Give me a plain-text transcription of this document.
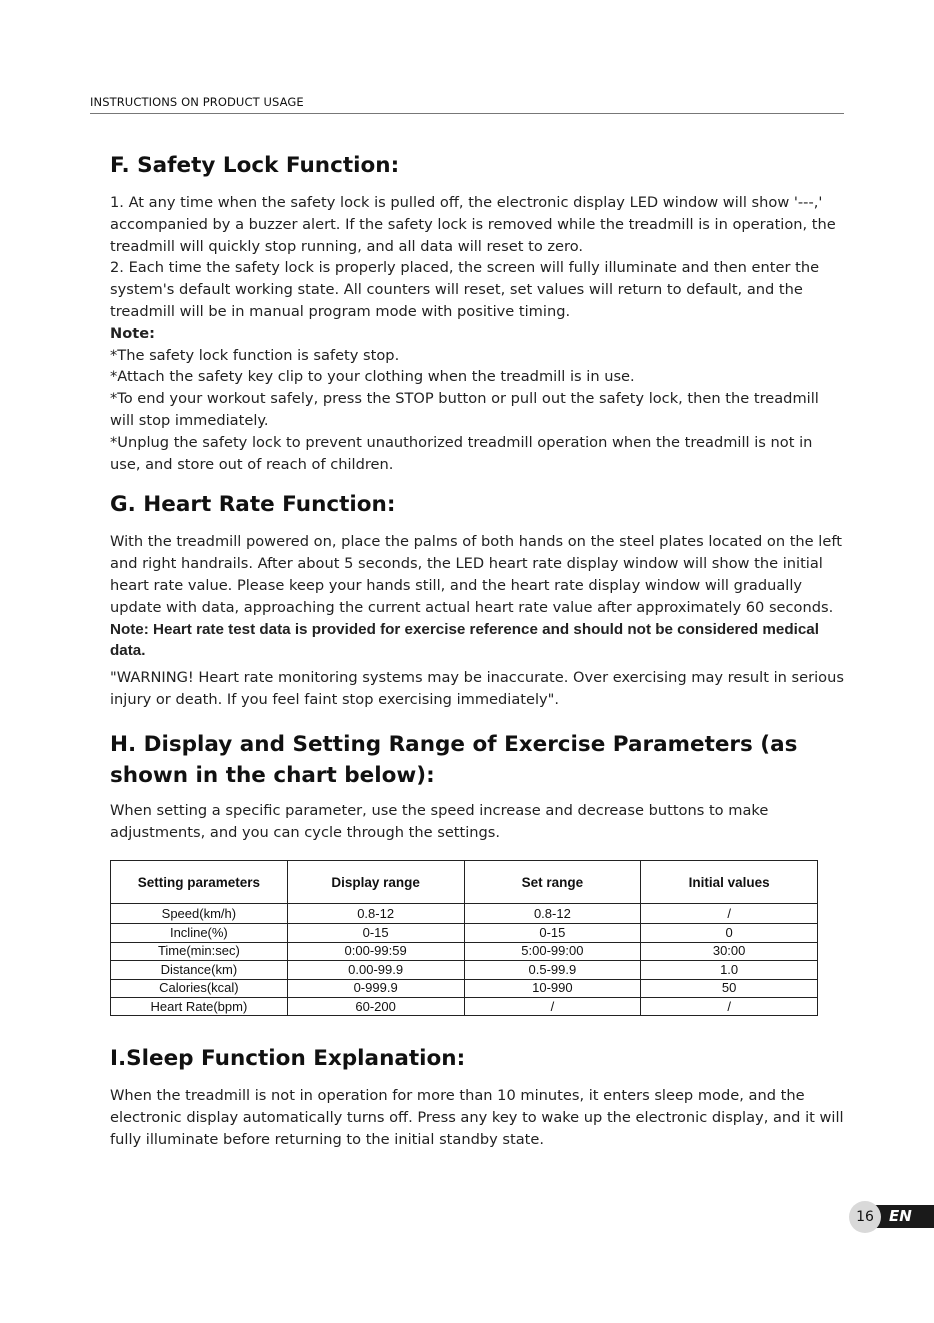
INSTRUCTIONS ON PRODUCT USAGE
F. Safety Lock Function:

1. At any time when the safety lock is pulled off, the electronic display LED window will show '---,' accompanied by a buzzer alert. If the safety lock is removed while the treadmill is in operation, the treadmill will quickly stop running, and all data will reset to zero.

2. Each time the safety lock is properly placed, the screen will fully illuminate and then enter the system's default working state. All counters will reset, set values will return to default, and the treadmill will be in manual program mode with positive timing.

Note:

*The safety lock function is safety stop.

*Attach the safety key clip to your clothing when the treadmill is in use.

*To end your workout safely, press the STOP button or pull out the safety lock, then the treadmill will stop immediately.

*Unplug the safety lock to prevent unauthorized treadmill operation when the treadmill is not in use, and store out of reach of children.

G. Heart Rate Function:

With the treadmill powered on, place the palms of both hands on the steel plates located on the left and right handrails. After about 5 seconds, the LED heart rate display window will show the initial heart rate value. Please keep your hands still, and the heart rate display window will gradually update with data, approaching the current actual heart rate value after approximately 60 seconds.

Note: Heart rate test data is provided for exercise reference and should not be considered medical data.

"WARNING! Heart rate monitoring systems may be inaccurate. Over exercising may result in serious injury or death. If you feel faint stop exercising immediately".

H. Display and Setting Range of Exercise Parameters (as shown in the chart below):

When setting a specific parameter, use the speed increase and decrease buttons to make adjustments, and you can cycle through the settings.

Setting parameters	Display range	Set range	Initial values
Speed(km/h)	0.8-12	0.8-12	/
Incline(%)	0-15	0-15	0
Time(min:sec)	0:00-99:59	5:00-99:00	30:00
Distance(km)	0.00-99.9	0.5-99.9	1.0
Calories(kcal)	0-999.9	10-990	50
Heart Rate(bpm)	60-200	/	/
I.Sleep Function Explanation:

When the treadmill is not in operation for more than 10 minutes, it enters sleep mode, and the electronic display automatically turns off. Press any key to wake up the electronic display, and it will fully illuminate before returning to the initial standby state.

16	EN
